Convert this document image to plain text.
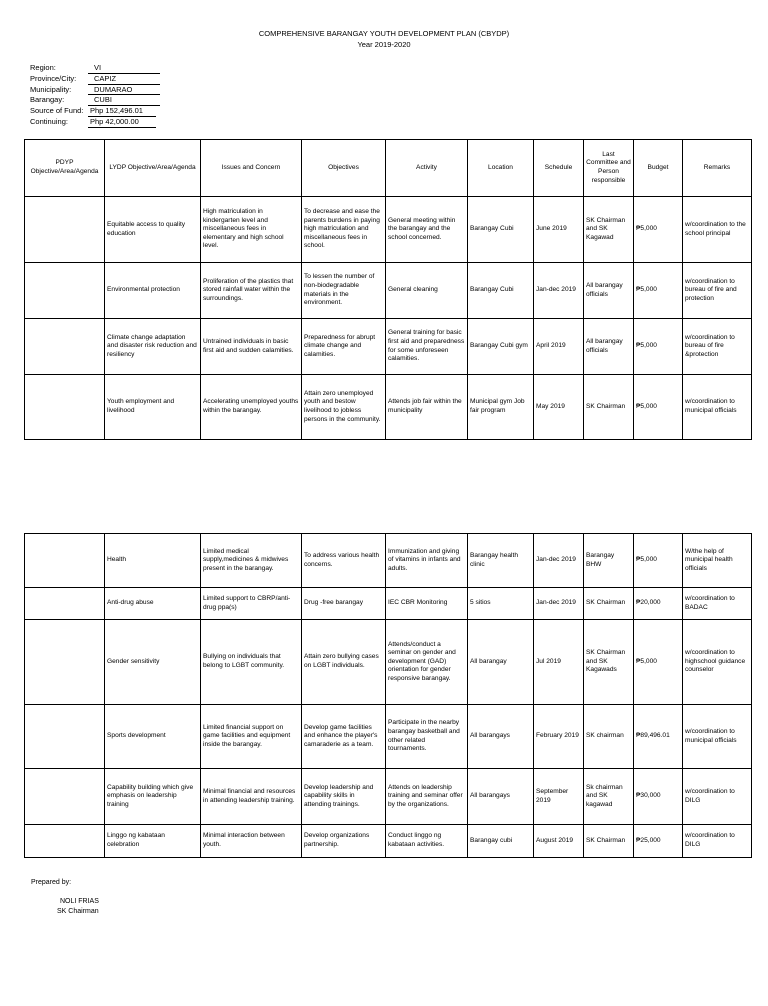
COMPREHENSIVE BARANGAY YOUTH DEVELOPMENT PLAN (CBYDP)
Year 2019-2020
Region:	VI
Province/City:	CAPIZ
Municipality:	DUMARAO
Barangay:	CUBI
Source of Fund: Php 152,496.01
Continuing:	Php 42,000.00
PDYP Objective/Area/Agenda	LYDP Objective/Area/Agenda	Issues and Concern	Objectives	Activity	Location	Schedule	Last Committee and Person responsible	Budget	Remarks
	Equitable access to quality education	High matriculation in kindergarten level and miscellaneous fees in elementary and high school level.	To decrease and ease the parents burdens in paying high matriculation and miscellaneous fees in school.	General meeting within the barangay and the school concerned.	Barangay Cubi	June 2019	SK Chairman and SK Kagawad	₱5,000	w/coordination to the school principal
	Environmental protection	Proliferation of the plastics that stored rainfall water within the surroundings.	To lessen the number of non-biodegradable materials in the environment.	General cleaning	Barangay Cubi	Jan-dec 2019	All barangay officials	₱5,000	w/coordination to bureau of fire and protection
	Climate change adaptation and disaster risk reduction and resiliency	Untrained individuals in basic first aid and sudden calamities.	Preparedness for abrupt climate change and calamities.	General training for basic first aid and preparedness for some unforeseen calamities.	Barangay Cubi gym	April 2019	All barangay officials	₱5,000	w/coordination to bureau of fire &protection
	Youth employment and livelihood	Accelerating unemployed youths within the barangay.	Attain zero unemployed youth and bestow livelihood to jobless persons in the community.	Attends job fair within the municipality	Municipal gym Job fair program	May 2019	SK Chairman	₱5,000	w/coordination to municipal officials
	Health	Limited medical supply,medicines & midwives present in the barangay.	To address various health concerns.	Immunization and giving of vitamins in infants and adults.	Barangay health clinic	Jan-dec 2019	Barangay BHW	₱5,000	W/the help of municipal health officials
	Anti-drug abuse	Limited support to CBRP/anti-drug ppa(s)	Drug -free barangay	IEC CBR Monitoring	5 sitios	Jan-dec 2019	SK Chairman	₱20,000	w/coordination to BADAC
	Gender sensitivity	Bullying on individuals that belong to LGBT community.	Attain zero bullying cases on LGBT individuals.	Attends/conduct a seminar on gender and development (GAD) orientation for gender responsive barangay.	All barangay	Jul 2019	SK Chairman and SK Kagawads	₱5,000	w/coordination to highschool guidance counselor
	Sports development	Limited financial support on game facilities and equipment inside the barangay.	Develop game facilities and enhance the player's camaraderie as a team.	Participate in the nearby barangay basketball and other related tournaments.	All barangays	February 2019	SK chairman	₱89,496.01	w/coordination to municipal officials
	Capability building which give emphasis on leadership training	Minimal financial and resources in attending leadership training.	Develop leadership and capability skills in attending trainings.	Attends on leadership training and seminar offer by the organizations.	All barangays	September 2019	Sk chairman and SK kagawad	₱30,000	w/coordination to DILG
	Linggo ng kabataan celebration	Minimal interaction between youth.	Develop organizations partnership.	Conduct linggo ng kabataan activities.	Barangay cubi	August 2019	SK Chairman	₱25,000	w/coordination to DILG
Prepared by:
NOLI FRIAS
SK Chairman
